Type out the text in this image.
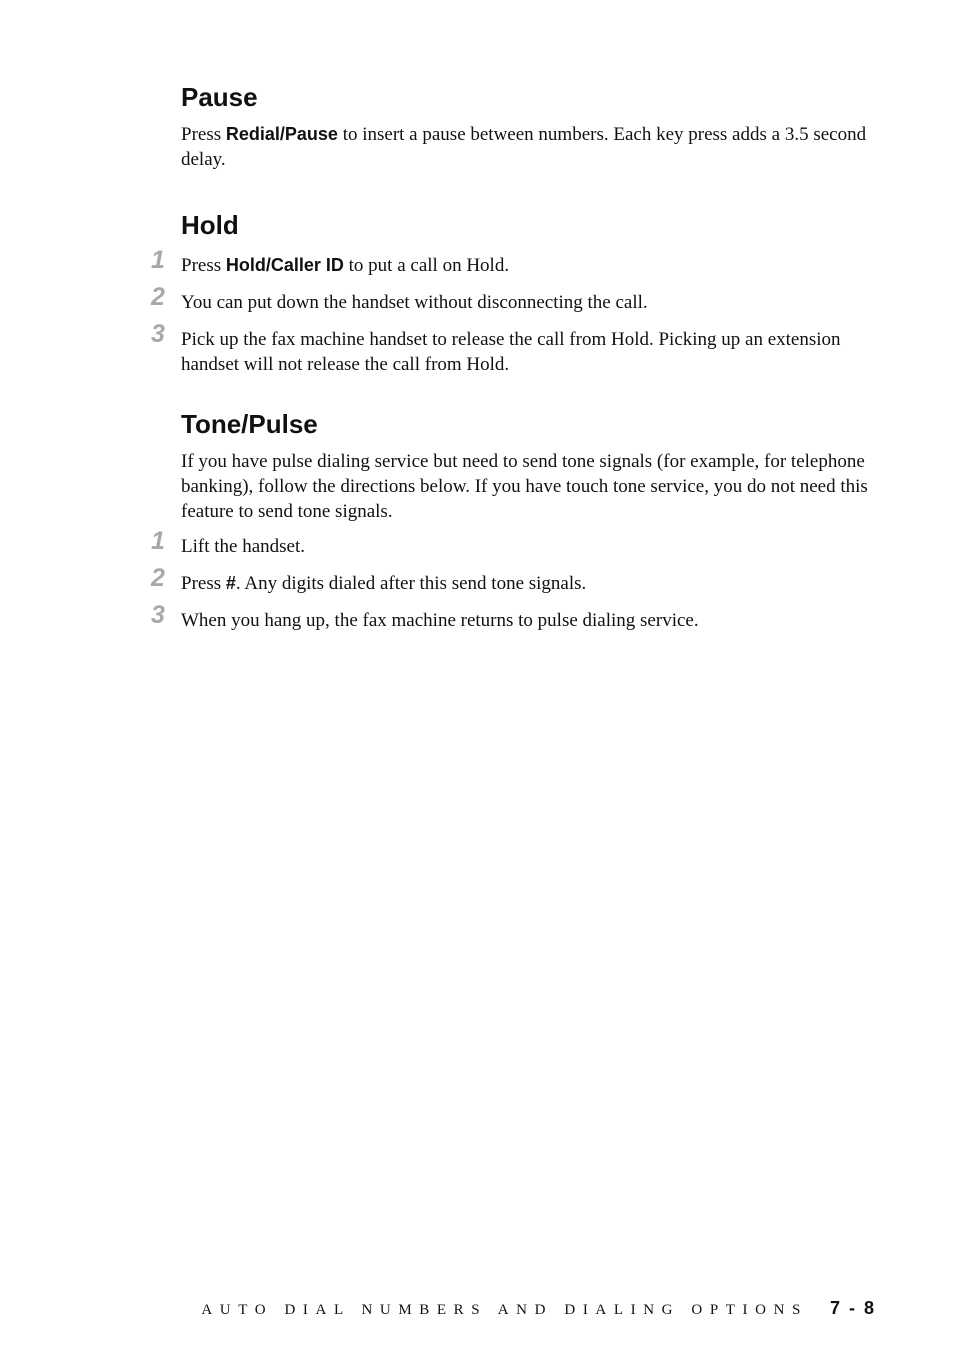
Pause

Press Redial/Pause to insert a pause between numbers. Each key press adds a 3.5 second delay.

Hold
1 Press Hold/Caller ID to put a call on Hold.
2 You can put down the handset without disconnecting the call.
3 Pick up the fax machine handset to release the call from Hold. Picking up an extension handset will not release the call from Hold.
Tone/Pulse

If you have pulse dialing service but need to send tone signals (for example, for telephone banking), follow the directions below. If you have touch tone service, you do not need this feature to send tone signals.

1 Lift the handset.
2 Press #. Any digits dialed after this send tone signals.
3 When you hang up, the fax machine returns to pulse dialing service.
AUTO DIAL NUMBERS AND DIALING OPTIONS 7 - 8
